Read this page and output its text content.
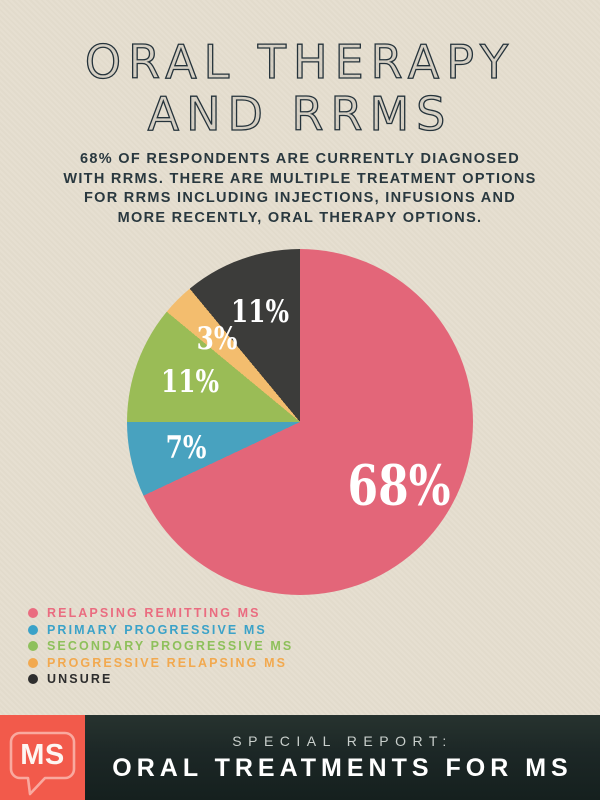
ORAL THERAPY
AND RRMS

68% OF RESPONDENTS ARE CURRENTLY DIAGNOSED
WITH RRMS. THERE ARE MULTIPLE TREATMENT OPTIONS
FOR RRMS INCLUDING INJECTIONS, INFUSIONS AND
MORE RECENTLY, ORAL THERAPY OPTIONS.

68%
7%
11%
3%
11%
RELAPSING REMITTING MS
PRIMARY PROGRESSIVE MS
SECONDARY PROGRESSIVE MS
PROGRESSIVE RELAPSING MS
UNSURE
MS	SPECIAL REPORT:
ORAL TREATMENTS FOR MS
